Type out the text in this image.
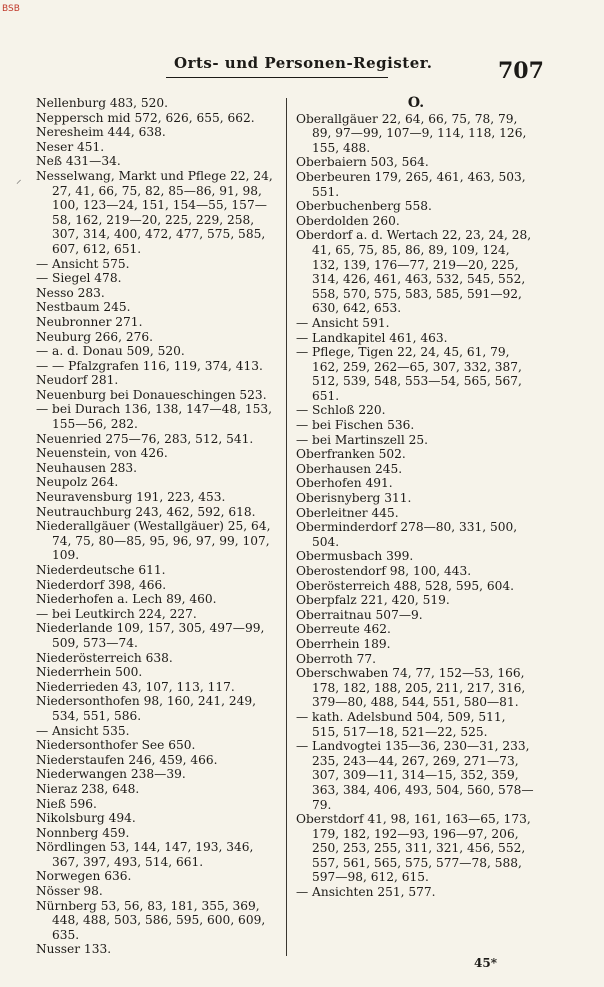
BSB
Orts- und Personen-Register.	707
⸝
Nellenburg 483, 520.
Neppersch mid 572, 626, 655, 662.
Neresheim 444, 638.
Neser 451.
Neß 431—34.
Nesselwang, Markt und Pflege 22, 24, 27, 41, 66, 75, 82, 85—86, 91, 98, 100, 123—24, 151, 154—55, 157—58, 162, 219—20, 225, 229, 258, 307, 314, 400, 472, 477, 575, 585, 607, 612, 651.
— Ansicht 575.
— Siegel 478.
Nesso 283.
Nestbaum 245.
Neubronner 271.
Neuburg 266, 276.
— a. d. Donau 509, 520.
— — Pfalzgrafen 116, 119, 374, 413.
Neudorf 281.
Neuenburg bei Donaueschingen 523.
— bei Durach 136, 138, 147—48, 153, 155—56, 282.
Neuenried 275—76, 283, 512, 541.
Neuenstein, von 426.
Neuhausen 283.
Neupolz 264.
Neuravensburg 191, 223, 453.
Neutrauchburg 243, 462, 592, 618.
Niederallgäuer (Westallgäuer) 25, 64, 74, 75, 80—85, 95, 96, 97, 99, 107, 109.
Niederdeutsche 611.
Niederdorf 398, 466.
Niederhofen a. Lech 89, 460.
— bei Leutkirch 224, 227.
Niederlande 109, 157, 305, 497—99, 509, 573—74.
Niederösterreich 638.
Niederrhein 500.
Niederrieden 43, 107, 113, 117.
Niedersonthofen 98, 160, 241, 249, 534, 551, 586.
— Ansicht 535.
Niedersonthofer See 650.
Niederstaufen 246, 459, 466.
Niederwangen 238—39.
Nieraz 238, 648.
Nieß 596.
Nikolsburg 494.
Nonnberg 459.
Nördlingen 53, 144, 147, 193, 346, 367, 397, 493, 514, 661.
Norwegen 636.
Nösser 98.
Nürnberg 53, 56, 83, 181, 355, 369, 448, 488, 503, 586, 595, 600, 609, 635.
Nusser 133.
O.
Oberallgäuer 22, 64, 66, 75, 78, 79, 89, 97—99, 107—9, 114, 118, 126, 155, 488.
Oberbaiern 503, 564.
Oberbeuren 179, 265, 461, 463, 503, 551.
Oberbuchenberg 558.
Oberdolden 260.
Oberdorf a. d. Wertach 22, 23, 24, 28, 41, 65, 75, 85, 86, 89, 109, 124, 132, 139, 176—77, 219—20, 225, 314, 426, 461, 463, 532, 545, 552, 558, 570, 575, 583, 585, 591—92, 630, 642, 653.
— Ansicht 591.
— Landkapitel 461, 463.
— Pflege, Tigen 22, 24, 45, 61, 79, 162, 259, 262—65, 307, 332, 387, 512, 539, 548, 553—54, 565, 567, 651.
— Schloß 220.
— bei Fischen 536.
— bei Martinszell 25.
Oberfranken 502.
Oberhausen 245.
Oberhofen 491.
Oberisnyberg 311.
Oberleitner 445.
Oberminderdorf 278—80, 331, 500, 504.
Obermusbach 399.
Oberostendorf 98, 100, 443.
Oberösterreich 488, 528, 595, 604.
Oberpfalz 221, 420, 519.
Oberraitnau 507—9.
Oberreute 462.
Oberrhein 189.
Oberroth 77.
Oberschwaben 74, 77, 152—53, 166, 178, 182, 188, 205, 211, 217, 316, 379—80, 488, 544, 551, 580—81.
— kath. Adelsbund 504, 509, 511, 515, 517—18, 521—22, 525.
— Landvogtei 135—36, 230—31, 233, 235, 243—44, 267, 269, 271—73, 307, 309—11, 314—15, 352, 359, 363, 384, 406, 493, 504, 560, 578—79.
Oberstdorf 41, 98, 161, 163—65, 173, 179, 182, 192—93, 196—97, 206, 250, 253, 255, 311, 321, 456, 552, 557, 561, 565, 575, 577—78, 588, 597—98, 612, 615.
— Ansichten 251, 577.
45*
